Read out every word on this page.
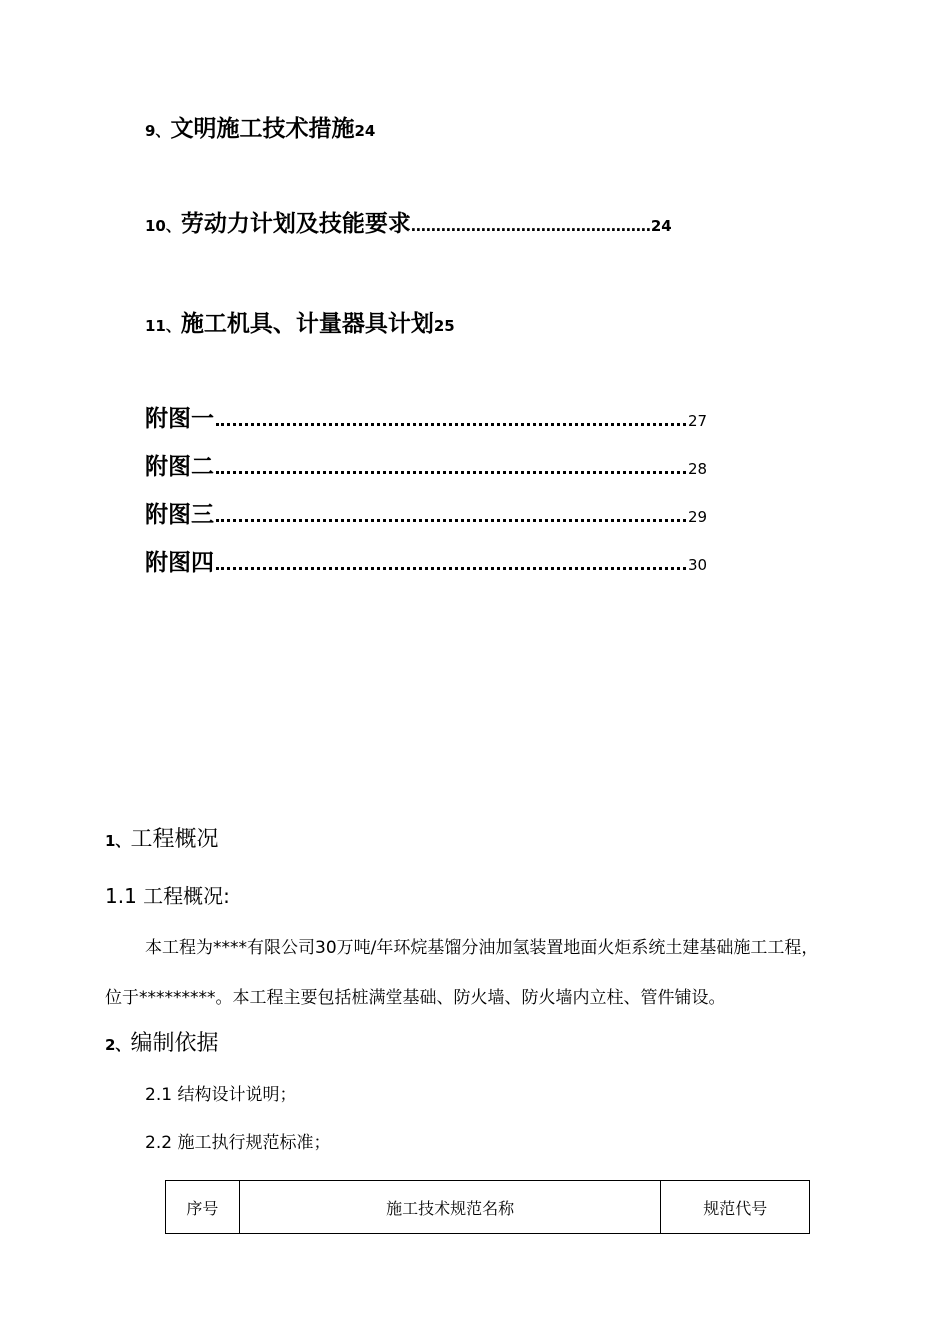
9、文明施工技术措施24
10、劳动力计划及技能要求…………………………………………24
11、施工机具、计量器具计划25
附图一	27
附图二	28
附图三	29
附图四	30
1、工程概况
1.1 工程概况:
本工程为****有限公司30万吨/年环烷基馏分油加氢装置地面火炬系统土建基础施工工程，
位于*********。本工程主要包括桩满堂基础、防火墙、防火墙内立柱、管件铺设。
2、编制依据
2.1 结构设计说明；
2.2 施工执行规范标准；
序号	施工技术规范名称	规范代号
